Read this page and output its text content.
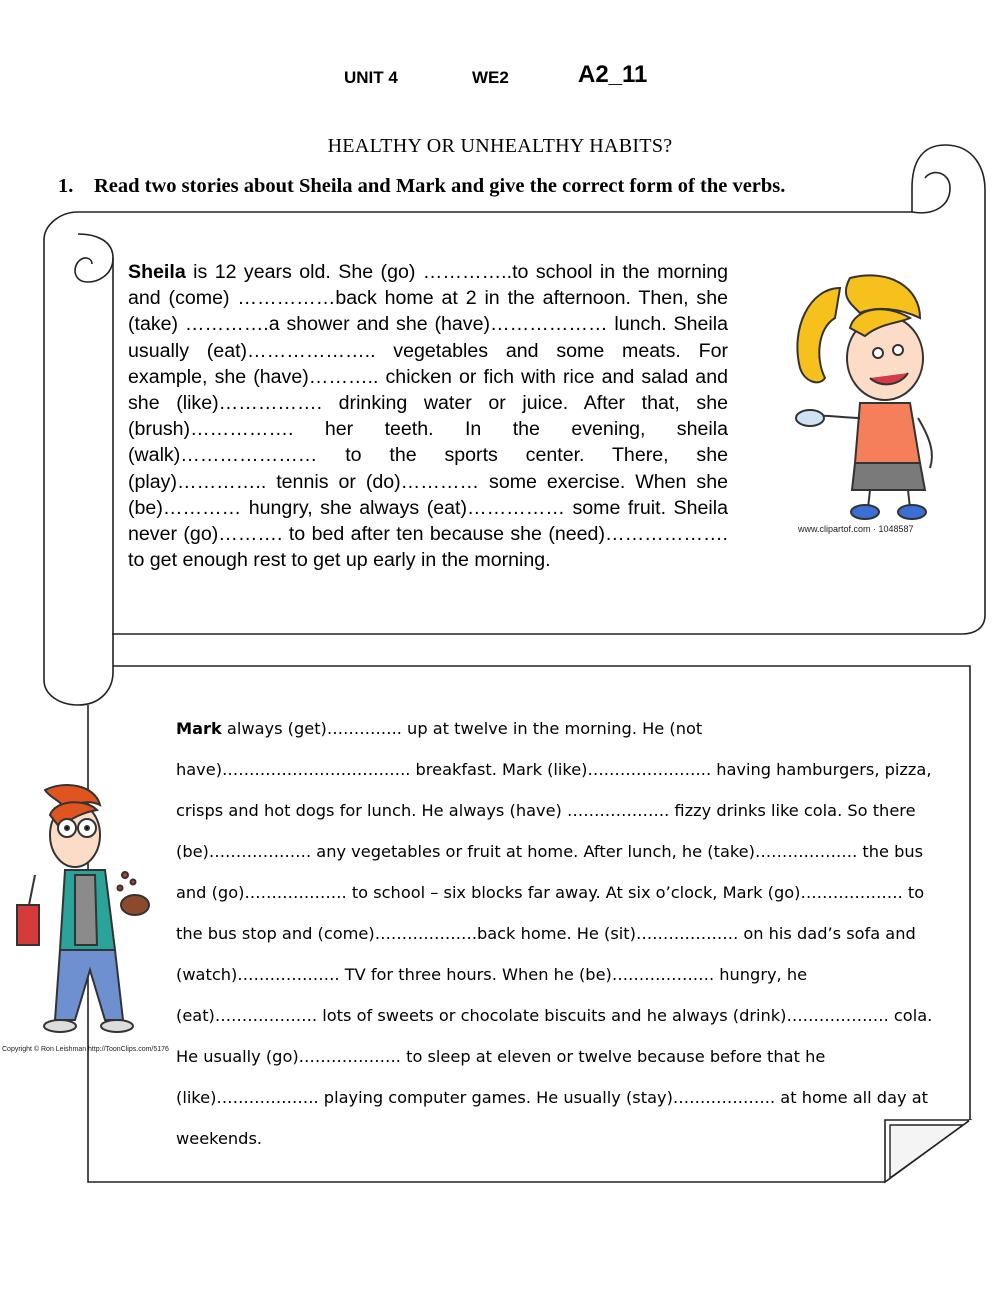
UNIT 4	WE2	A2_11
HEALTHY OR UNHEALTHY HABITS?
1. Read two stories about Sheila and Mark and give the correct form of the verbs.
www.clipartof.com · 1048587
Copyright © Ron Leishman http://ToonClips.com/5176

Sheila is 12 years old. She (go) …………..to school in the morning and (come) ……………back home at 2 in the afternoon. Then, she (take) ………….a shower and she (have)……………… lunch. Sheila usually (eat)……………….. vegetables and some meats. For example, she (have)……….. chicken or fich with rice and salad and she (like)……………. drinking water or juice. After that, she (brush)……………. her teeth. In the evening, sheila (walk)………………… to the sports center. There, she (play)………….. tennis or (do)………… some exercise. When she (be)………… hungry, she always (eat)…………… some fruit. Sheila never (go)………. to bed after ten because she (need)………………. to get enough rest to get up early in the morning.

Mark always (get)………….. up at twelve in the morning. He (not have)…………………………….. breakfast. Mark (like)………………….. having hamburgers, pizza, crisps and hot dogs for lunch. He always (have) ………………. fizzy drinks like cola. So there (be)………………. any vegetables or fruit at home. After lunch, he (take)………………. the bus and (go)………………. to school – six blocks far away. At six o’clock, Mark (go)………………. to the bus stop and (come)……………….back home. He (sit)………………. on his dad’s sofa and (watch)………………. TV for three hours. When he (be)………………. hungry, he (eat)………………. lots of sweets or chocolate biscuits and he always (drink)………………. cola. He usually (go)………………. to sleep at eleven or twelve because before that he (like)………………. playing computer games. He usually (stay)………………. at home all day at weekends.
